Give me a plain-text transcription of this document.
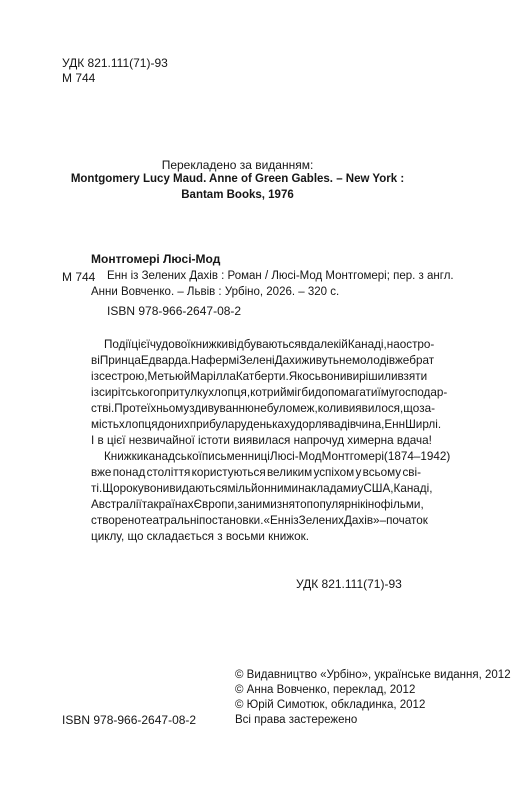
УДК 821.111(71)-93
М 744
Перекладено за виданням:
Montgomery Lucy Maud. Anne of Green Gables. – New York :
Bantam Books, 1976
Монтгомері Люсі-Мод
М 744 Енн із Зелених Дахів : Роман / Люсі-Мод Монтгомері; пер. з англ.
Анни Вовченко. – Львів : Урбіно, 2026. – 320 с.
ISBN 978-966-2647-08-2
Події цієї чудової книжки відбуваються в далекій Канаді, на остро-
ві Принца Едварда. На фермі Зелені Дахи живуть немолоді вже брат
із сестрою, Метью й Марілла Катберти. Якось вони вирішили взяти
із сирітського притулку хлопця, котрий міг би допомагати їм у господар-
стві. Проте їхньому здивуванню не було меж, коли виявилося, що за-
мість хлопця до них прибула руденька худорлява дівчина, Енн Ширлі.
І в цієї незвичайної істоти виявилася напрочуд химерна вдача!
Книжки канадської письменниці Люсі-Мод Монтгомері (1874–1942)
вже понад століття користуються великим успіхом у всьому сві-
ті. Щороку вони видаються мільйонними накладами у США, Канаді,
Австралії та країнах Європи, за ними знято популярні кінофільми,
створено театральні постановки. «Енн із Зелених Дахів» – початок
циклу, що складається з восьми книжок.
УДК 821.111(71)-93
© Видавництво «Урбіно», українське видання, 2012
© Анна Вовченко, переклад, 2012
© Юрій Симотюк, обкладинка, 2012
Всі права застережено
ISBN 978-966-2647-08-2
